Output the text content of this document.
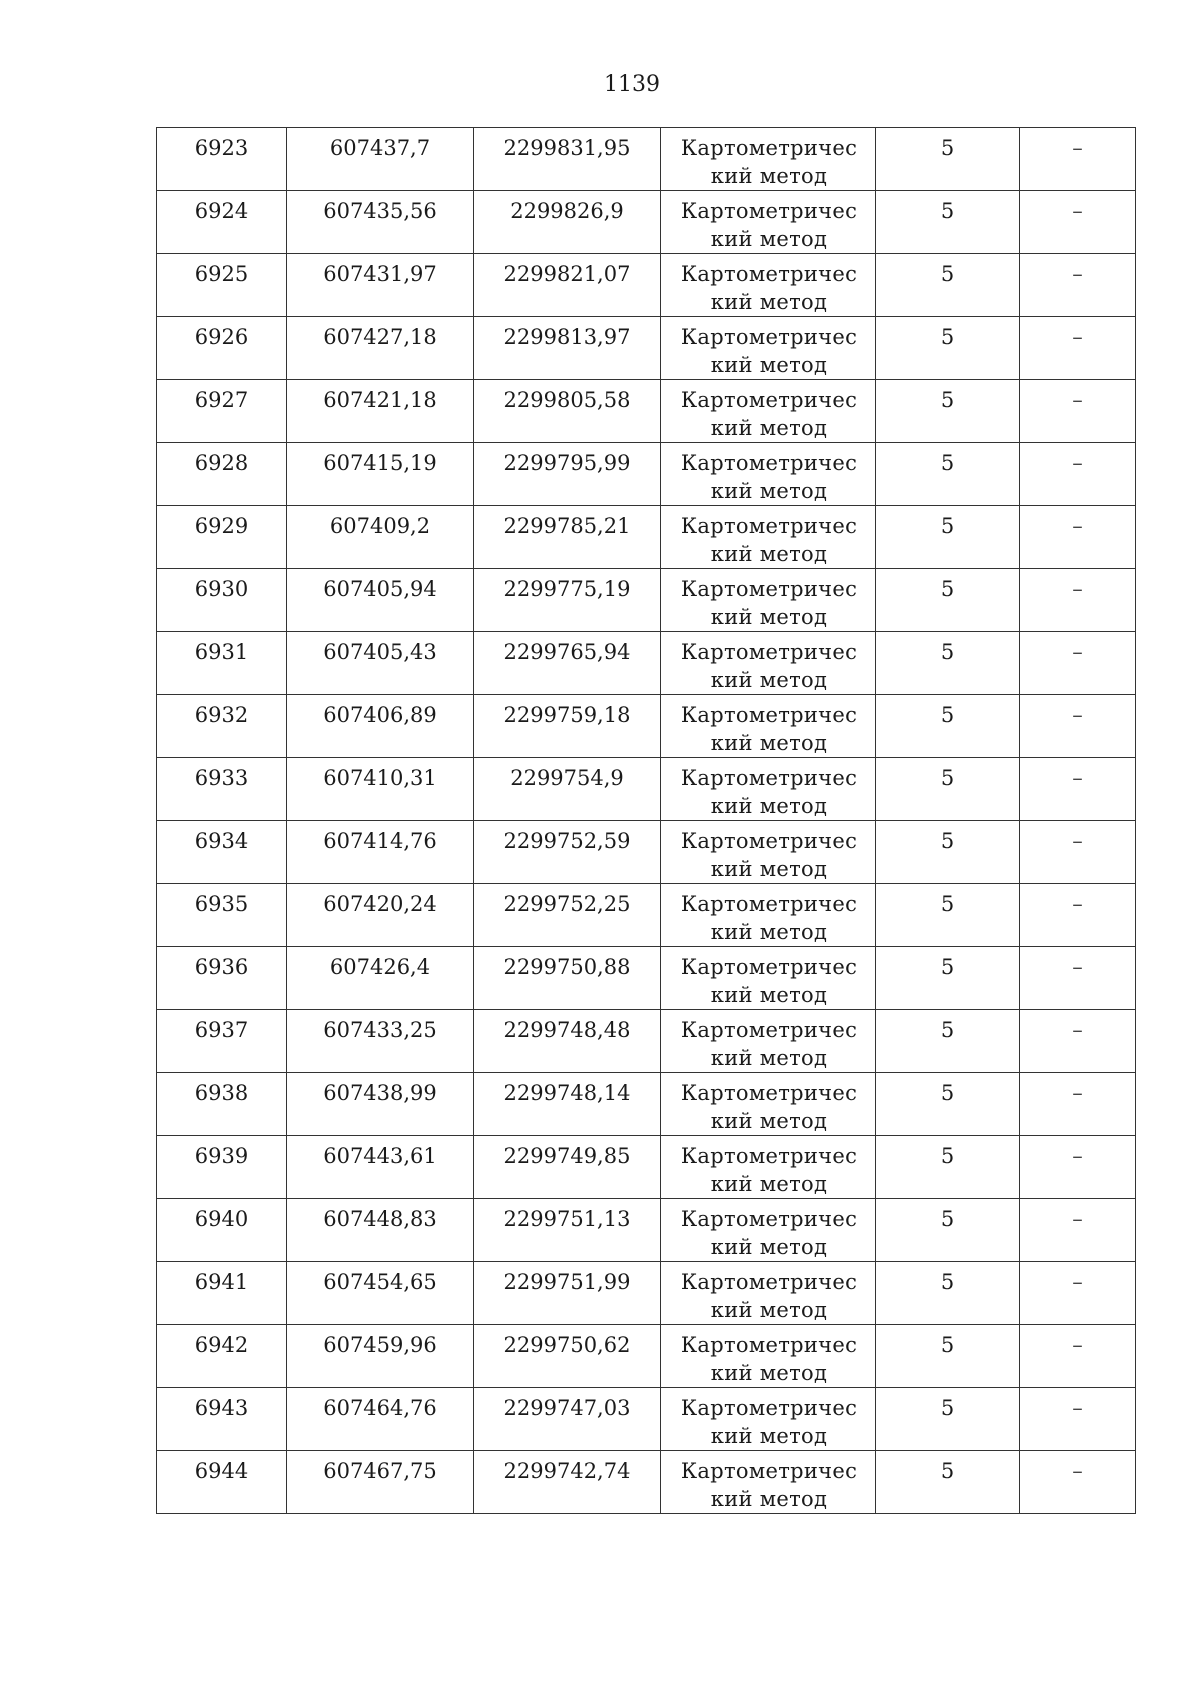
1139
6923	607437,7	2299831,95	Картометрический метод	5	–
6924	607435,56	2299826,9	Картометрический метод	5	–
6925	607431,97	2299821,07	Картометрический метод	5	–
6926	607427,18	2299813,97	Картометрический метод	5	–
6927	607421,18	2299805,58	Картометрический метод	5	–
6928	607415,19	2299795,99	Картометрический метод	5	–
6929	607409,2	2299785,21	Картометрический метод	5	–
6930	607405,94	2299775,19	Картометрический метод	5	–
6931	607405,43	2299765,94	Картометрический метод	5	–
6932	607406,89	2299759,18	Картометрический метод	5	–
6933	607410,31	2299754,9	Картометрический метод	5	–
6934	607414,76	2299752,59	Картометрический метод	5	–
6935	607420,24	2299752,25	Картометрический метод	5	–
6936	607426,4	2299750,88	Картометрический метод	5	–
6937	607433,25	2299748,48	Картометрический метод	5	–
6938	607438,99	2299748,14	Картометрический метод	5	–
6939	607443,61	2299749,85	Картометрический метод	5	–
6940	607448,83	2299751,13	Картометрический метод	5	–
6941	607454,65	2299751,99	Картометрический метод	5	–
6942	607459,96	2299750,62	Картометрический метод	5	–
6943	607464,76	2299747,03	Картометрический метод	5	–
6944	607467,75	2299742,74	Картометрический метод	5	–
